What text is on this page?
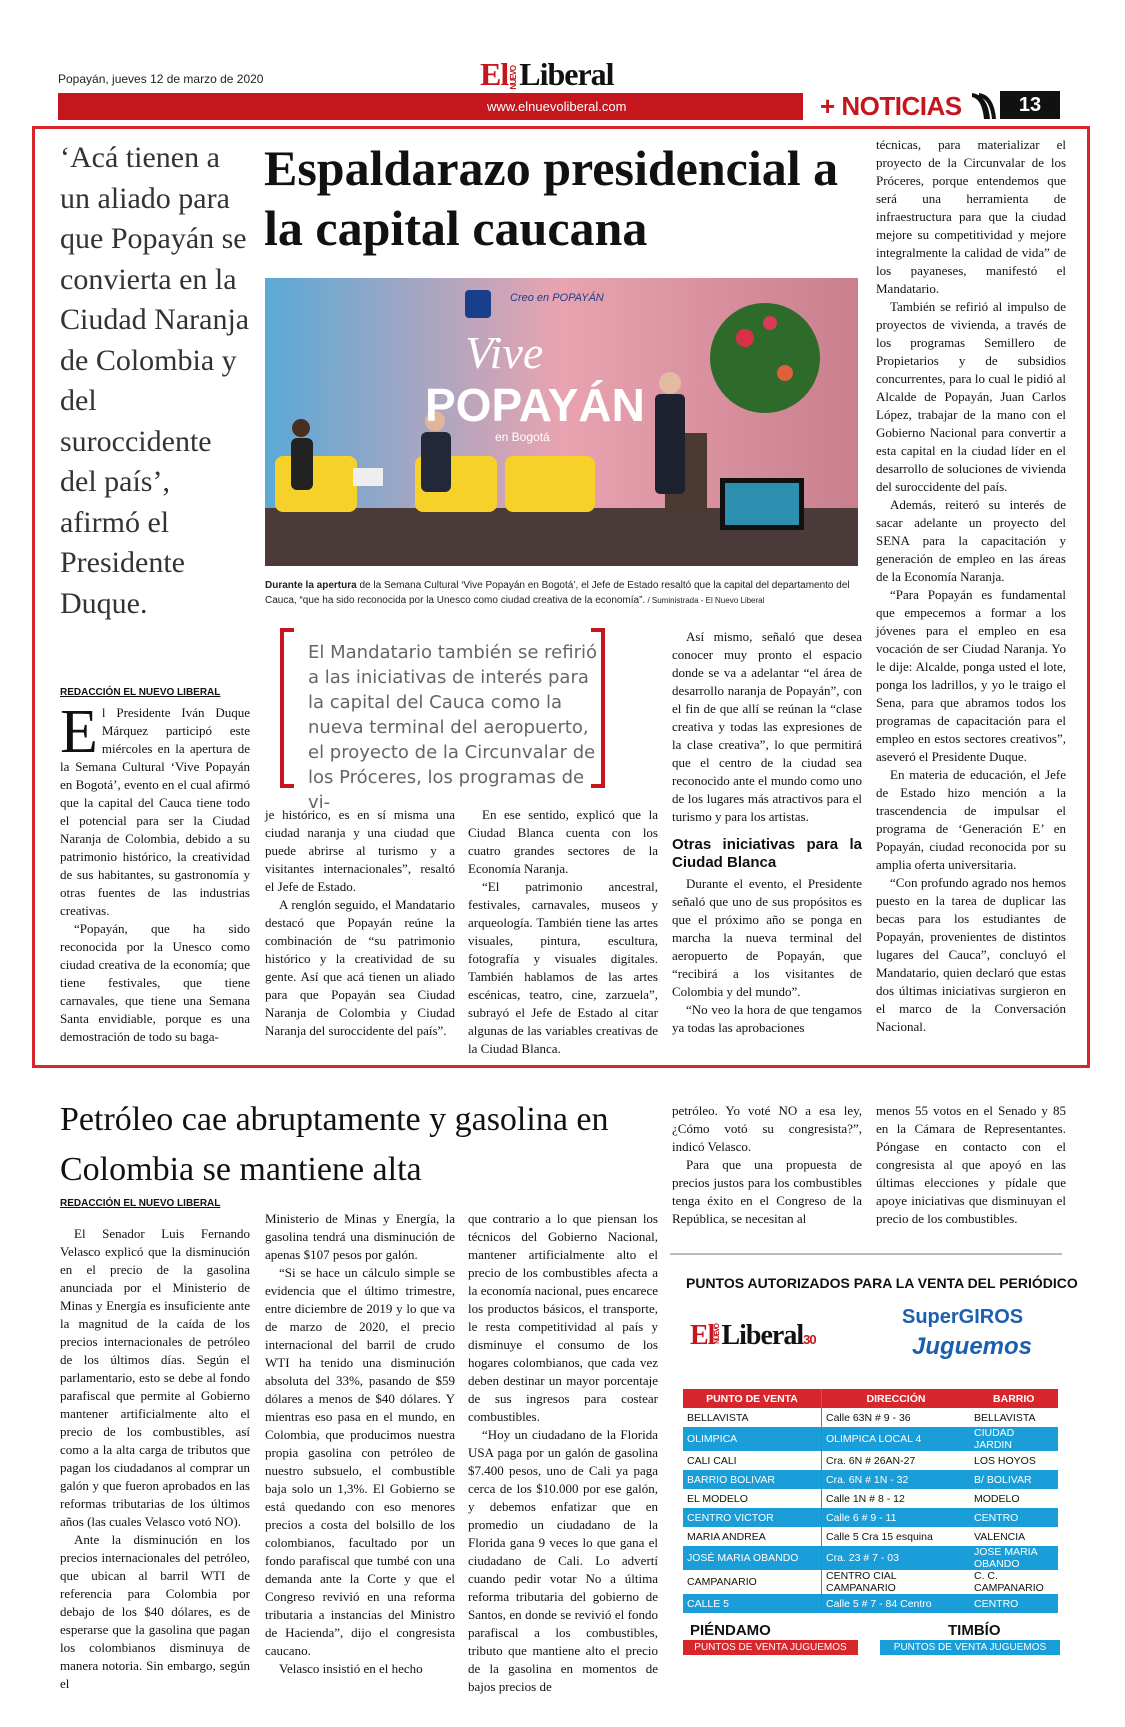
Popayán, jueves 12 de marzo de 2020	ElNUEVOLiberal
www.elnuevoliberal.com	+ NOTICIAS	13
‘Acá tienen a un aliado para que Popayán se convierta en la Ciudad Naranja de Colombia y del suroccidente del país’, afirmó el Presidente Duque.
Espaldarazo presidencial a la capital caucana
Creo en POPAYÁN
Vive
POPAYÁN
en Bogotá
Durante la apertura de la Semana Cultural ‘Vive Popayán en Bogotá’, el Jefe de Estado resaltó que la capital del departamento del Cauca, “que ha sido reconocida por la Unesco como ciudad creativa de la economía”. / Suministrada - El Nuevo Liberal
El Mandatario también se refirió a las iniciativas de interés para la capital del Cauca como la nueva terminal del aeropuerto, el proyecto de la Circunvalar de los Próceres, los programas de vi-
REDACCIÓN EL NUEVO LIBERAL

El Presidente Iván Duque Márquez participó este miércoles en la apertura de la Semana Cultural ‘Vive Popayán en Bogotá’, evento en el cual afirmó que la capital del Cauca tiene todo el potencial para ser la Ciudad Naranja de Colombia, debido a su patrimonio histórico, la creatividad de sus habitantes, su gastronomía y otras fuentes de las industrias creativas.

“Popayán, que ha sido reconocida por la Unesco como ciudad creativa de la economía; que tiene festivales, que tiene carnavales, que tiene una Semana Santa envidiable, porque es una demostración de todo su baga-

je histórico, es en sí misma una ciudad naranja y una ciudad que puede abrirse al turismo y a visitantes internacionales”, resaltó el Jefe de Estado.

A renglón seguido, el Mandatario destacó que Popayán reúne la combinación de “su patrimonio histórico y la creatividad de su gente. Así que acá tienen un aliado para que Popayán sea Ciudad Naranja de Colombia y Ciudad Naranja del suroccidente del país”.

En ese sentido, explicó que la Ciudad Blanca cuenta con los cuatro grandes sectores de la Economía Naranja.

“El patrimonio ancestral, festivales, carnavales, museos y arqueología. También tiene las artes visuales, pintura, escultura, fotografía y visuales digitales. También hablamos de las artes escénicas, teatro, cine, zarzuela”, subrayó el Jefe de Estado al citar algunas de las variables creativas de la Ciudad Blanca.

Así mismo, señaló que desea conocer muy pronto el espacio donde se va a adelantar “el área de desarrollo naranja de Popayán”, con el fin de que allí se reúnan la “clase creativa y todas las expresiones de la clase creativa”, lo que permitirá que el centro de la ciudad sea reconocido ante el mundo como uno de los lugares más atractivos para el turismo y para los artistas.

Otras iniciativas para la Ciudad Blanca

Durante el evento, el Presidente señaló que uno de sus propósitos es que el próximo año se ponga en marcha la nueva terminal del aeropuerto de Popayán, que “recibirá a los visitantes de Colombia y del mundo”.

“No veo la hora de que tengamos ya todas las aprobaciones

técnicas, para materializar el proyecto de la Circunvalar de los Próceres, porque entendemos que será una herramienta de infraestructura para que la ciudad mejore su competitividad y mejore integralmente la calidad de vida” de los payaneses, manifestó el Mandatario.

También se refirió al impulso de proyectos de vivienda, a través de los programas Semillero de Propietarios y de subsidios concurrentes, para lo cual le pidió al Alcalde de Popayán, Juan Carlos López, trabajar de la mano con el Gobierno Nacional para convertir a esta capital en la ciudad líder en el desarrollo de soluciones de vivienda del suroccidente del país.

Además, reiteró su interés de sacar adelante un proyecto del SENA para la capacitación y generación de empleo en las áreas de la Economía Naranja.

“Para Popayán es fundamental que empecemos a formar a los jóvenes para el empleo en esa vocación de ser Ciudad Naranja. Yo le dije: Alcalde, ponga usted el lote, ponga los ladrillos, y yo le traigo el Sena, para que abramos todos los programas de capacitación para el empleo en estos sectores creativos”, aseveró el Presidente Duque.

En materia de educación, el Jefe de Estado hizo mención a la trascendencia de impulsar el programa de ‘Generación E’ en Popayán, ciudad reconocida por su amplia oferta universitaria.

“Con profundo agrado nos hemos puesto en la tarea de duplicar las becas para los estudiantes de Popayán, provenientes de distintos lugares del Cauca”, concluyó el Mandatario, quien declaró que estas dos últimas iniciativas surgieron en el marco de la Conversación Nacional.

Petróleo cae abruptamente y gasolina en Colombia se mantiene alta
REDACCIÓN EL NUEVO LIBERAL

El Senador Luis Fernando Velasco explicó que la disminución en el precio de la gasolina anunciada por el Ministerio de Minas y Energía es insuficiente ante la magnitud de la caída de los precios internacionales de petróleo de los últimos días. Según el parlamentario, esto se debe al fondo parafiscal que permite al Gobierno mantener artificialmente alto el precio de los combustibles, así como a la alta carga de tributos que pagan los ciudadanos al comprar un galón y que fueron aprobados en las reformas tributarias de los últimos años (las cuales Velasco votó NO).

Ante la disminución en los precios internacionales del petróleo, que ubican al barril WTI de referencia para Colombia por debajo de los $40 dólares, es de esperarse que la gasolina que pagan los colombianos disminuya de manera notoria. Sin embargo, según el

Ministerio de Minas y Energía, la gasolina tendrá una disminución de apenas $107 pesos por galón.

“Si se hace un cálculo simple se evidencia que el último trimestre, entre diciembre de 2019 y lo que va de marzo de 2020, el precio internacional del barril de crudo WTI ha tenido una disminución absoluta del 33%, pasando de $59 dólares a menos de $40 dólares. Y mientras eso pasa en el mundo, en Colombia, que producimos nuestra propia gasolina con petróleo de nuestro subsuelo, el combustible baja solo un 1,3%. El Gobierno se está quedando con eso menores precios a costa del bolsillo de los colombianos, facultado por un fondo parafiscal que tumbé con una demanda ante la Corte y que el Congreso revivió en una reforma tributaria a instancias del Ministro de Hacienda”, dijo el congresista caucano.

Velasco insistió en el hecho

que contrario a lo que piensan los técnicos del Gobierno Nacional, mantener artificialmente alto el precio de los combustibles afecta a la economía nacional, pues encarece los productos básicos, el transporte, le resta competitividad al país y disminuye el consumo de los hogares colombianos, que cada vez deben destinar un mayor porcentaje de sus ingresos para costear combustibles.

“Hoy un ciudadano de la Florida USA paga por un galón de gasolina $7.400 pesos, uno de Cali ya paga cerca de los $10.000 por ese galón, y debemos enfatizar que en promedio un ciudadano de la Florida gana 9 veces lo que gana el ciudadano de Cali. Lo advertí cuando pedir votar No a última reforma tributaria del gobierno de Santos, en donde se revivió el fondo parafiscal a los combustibles, tributo que mantiene alto el precio de la gasolina en momentos de bajos precios de

petróleo. Yo voté NO a esa ley, ¿Cómo votó su congresista?”, indicó Velasco.

Para que una propuesta de precios justos para los combustibles tenga éxito en el Congreso de la República, se necesitan al

menos 55 votos en el Senado y 85 en la Cámara de Representantes. Póngase en contacto con el congresista al que apoyó en las últimas elecciones y pídale que apoye iniciativas que disminuyan el precio de los combustibles.

PUNTOS AUTORIZADOS PARA LA VENTA DEL PERIÓDICO
ElNUEVOLiberal30
SuperGIROS
Juguemos
PUNTO DE VENTA	DIRECCIÓN	BARRIO
BELLAVISTA	Calle 63N # 9 - 36	BELLAVISTA
OLIMPICA	OLIMPICA LOCAL 4	CIUDAD JARDIN
CALI CALI	Cra. 6N # 26AN-27	LOS HOYOS
BARRIO BOLIVAR	Cra. 6N # 1N - 32	B/ BOLIVAR
EL MODELO	Calle 1N # 8 - 12	MODELO
CENTRO VICTOR	Calle 6 # 9 - 11	CENTRO
MARIA ANDREA	Calle 5 Cra 15 esquina	VALENCIA
JOSÉ MARIA OBANDO	Cra. 23 # 7 - 03	JOSE MARIA OBANDO
CAMPANARIO	CENTRO CIAL CAMPANARIO	C. C. CAMPANARIO
CALLE 5	Calle 5 # 7 - 84 Centro	CENTRO
PIÉNDAMO	TIMBÍO
PUNTOS DE VENTA JUGUEMOS	PUNTOS DE VENTA JUGUEMOS
